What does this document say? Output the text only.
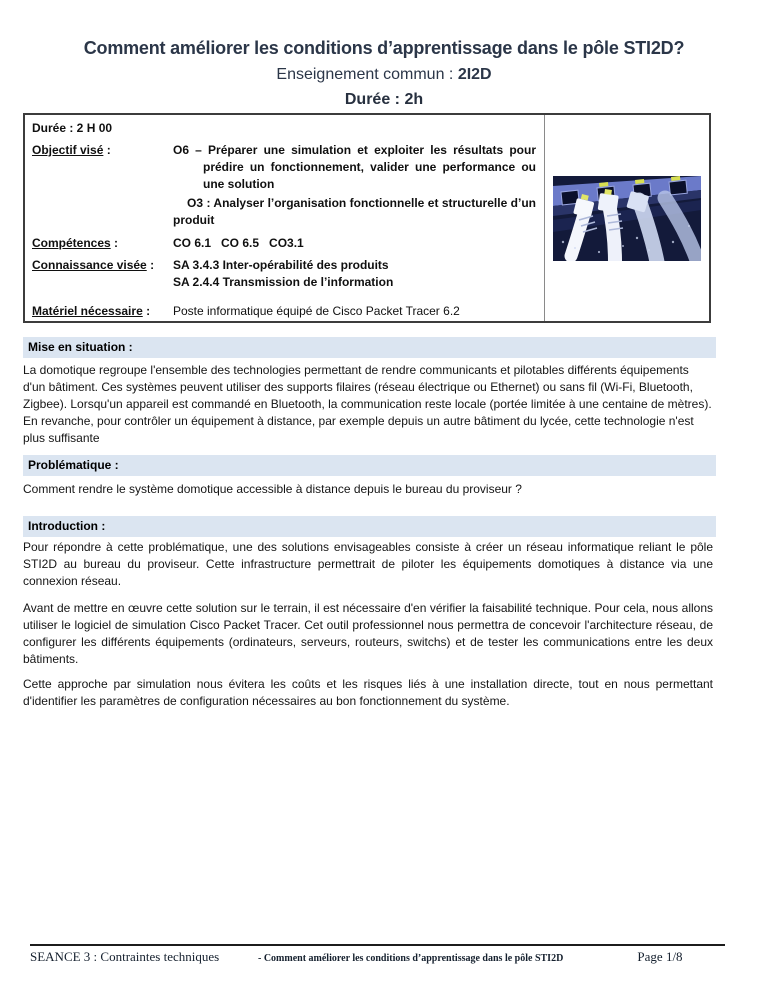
Comment améliorer les conditions d’apprentissage dans le pôle STI2D?
Enseignement commun : 2I2D
Durée : 2h
Durée : 2 H 00
Objectif visé :	O6 – Préparer une simulation et exploiter les résultats pour prédire un fonctionnement, valider une performance ou une solution
O3 : Analyser l’organisation fonctionnelle et structurelle d’un produit
Compétences :	CO 6.1   CO 6.5   CO3.1
Connaissance visée :	SA 3.4.3 Inter-opérabilité des produits
SA 2.4.4 Transmission de l’information
Matériel nécessaire :	Poste informatique équipé de Cisco Packet Tracer 6.2
Mise en situation :
La domotique regroupe l'ensemble des technologies permettant de rendre communicants et pilotables différents équipements d'un bâtiment. Ces systèmes peuvent utiliser des supports filaires (réseau électrique ou Ethernet) ou sans fil (Wi-Fi, Bluetooth, Zigbee). Lorsqu'un appareil est commandé en Bluetooth, la communication reste locale (portée limitée à une centaine de mètres). En revanche, pour contrôler un équipement à distance, par exemple depuis un autre bâtiment du lycée, cette technologie n'est plus suffisante
Problématique :
Comment rendre le système domotique accessible à distance depuis le bureau du proviseur ?
Introduction :
Pour répondre à cette problématique, une des solutions envisageables consiste à créer un réseau informatique reliant le pôle STI2D au bureau du proviseur. Cette infrastructure permettrait de piloter les équipements domotiques à distance via une connexion réseau.
Avant de mettre en œuvre cette solution sur le terrain, il est nécessaire d'en vérifier la faisabilité technique. Pour cela, nous allons utiliser le logiciel de simulation Cisco Packet Tracer. Cet outil professionnel nous permettra de concevoir l'architecture réseau, de configurer les différents équipements (ordinateurs, serveurs, routeurs, switchs) et de tester les communications entre les deux bâtiments.
Cette approche par simulation nous évitera les coûts et les risques liés à une installation directe, tout en nous permettant d'identifier les paramètres de configuration nécessaires au bon fonctionnement du système.
SEANCE 3 : Contraintes techniques	- Comment améliorer les conditions d’apprentissage dans le pôle STI2D	Page 1/8
